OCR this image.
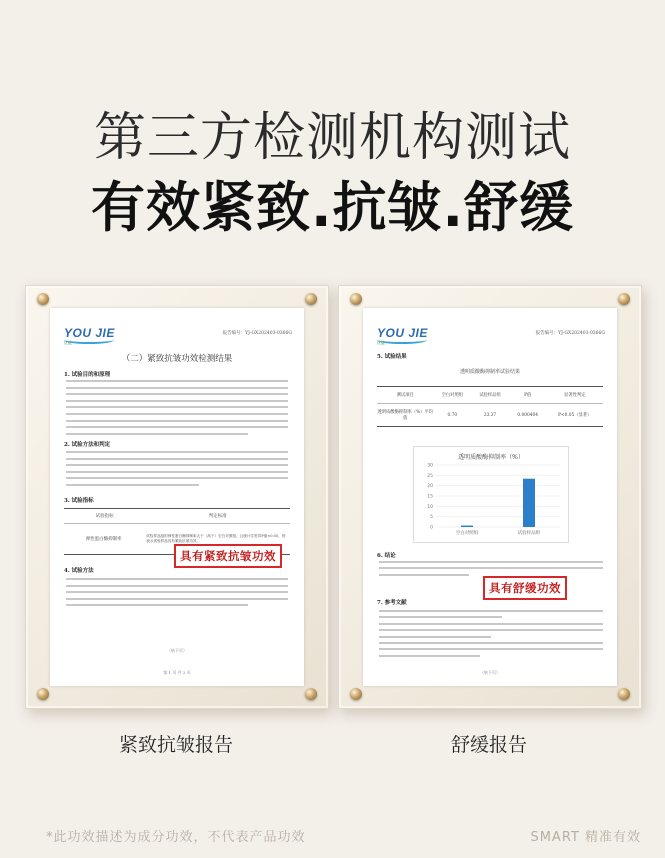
第三方检测机构测试
有效紧致.抗皱.舒缓
YOU JIE
优捷
报告编号：YJ-GX202403-0366G
（二）紧致抗皱功效检测结果
1. 试验目的和原理
2. 试验方法和判定
3. 试验指标
试验指标	判定标准
弹性蛋白酶抑制率
试验样品组的弹性蛋白酶抑制率大于（高于）空白对照组，且统计学差异P值<0.05，则表示试验样品具有紧致抗皱功效。
具有紧致抗皱功效
4. 试验方法
（转下页）
第 1 页 共 2 页
YOU JIE
优捷
报告编号：YJ-GX202403-0366G
5. 试验结果
透明质酸酶抑制率试验结果
测试项目	空白对照组	试验样品组	P值	显著性判定
透明质酸酶抑制率（%）平均值
0.70	23.37	0.000404	P<0.05（显著）
透明质酸酶抑制率（%）
0
5
10
15
20
25
30
空白对照组	试验样品组
6. 结论
具有舒缓功效
7. 参考文献
（转下页）
紧致抗皱报告	舒缓报告
*此功效描述为成分功效，不代表产品功效	SMART 精准有效
